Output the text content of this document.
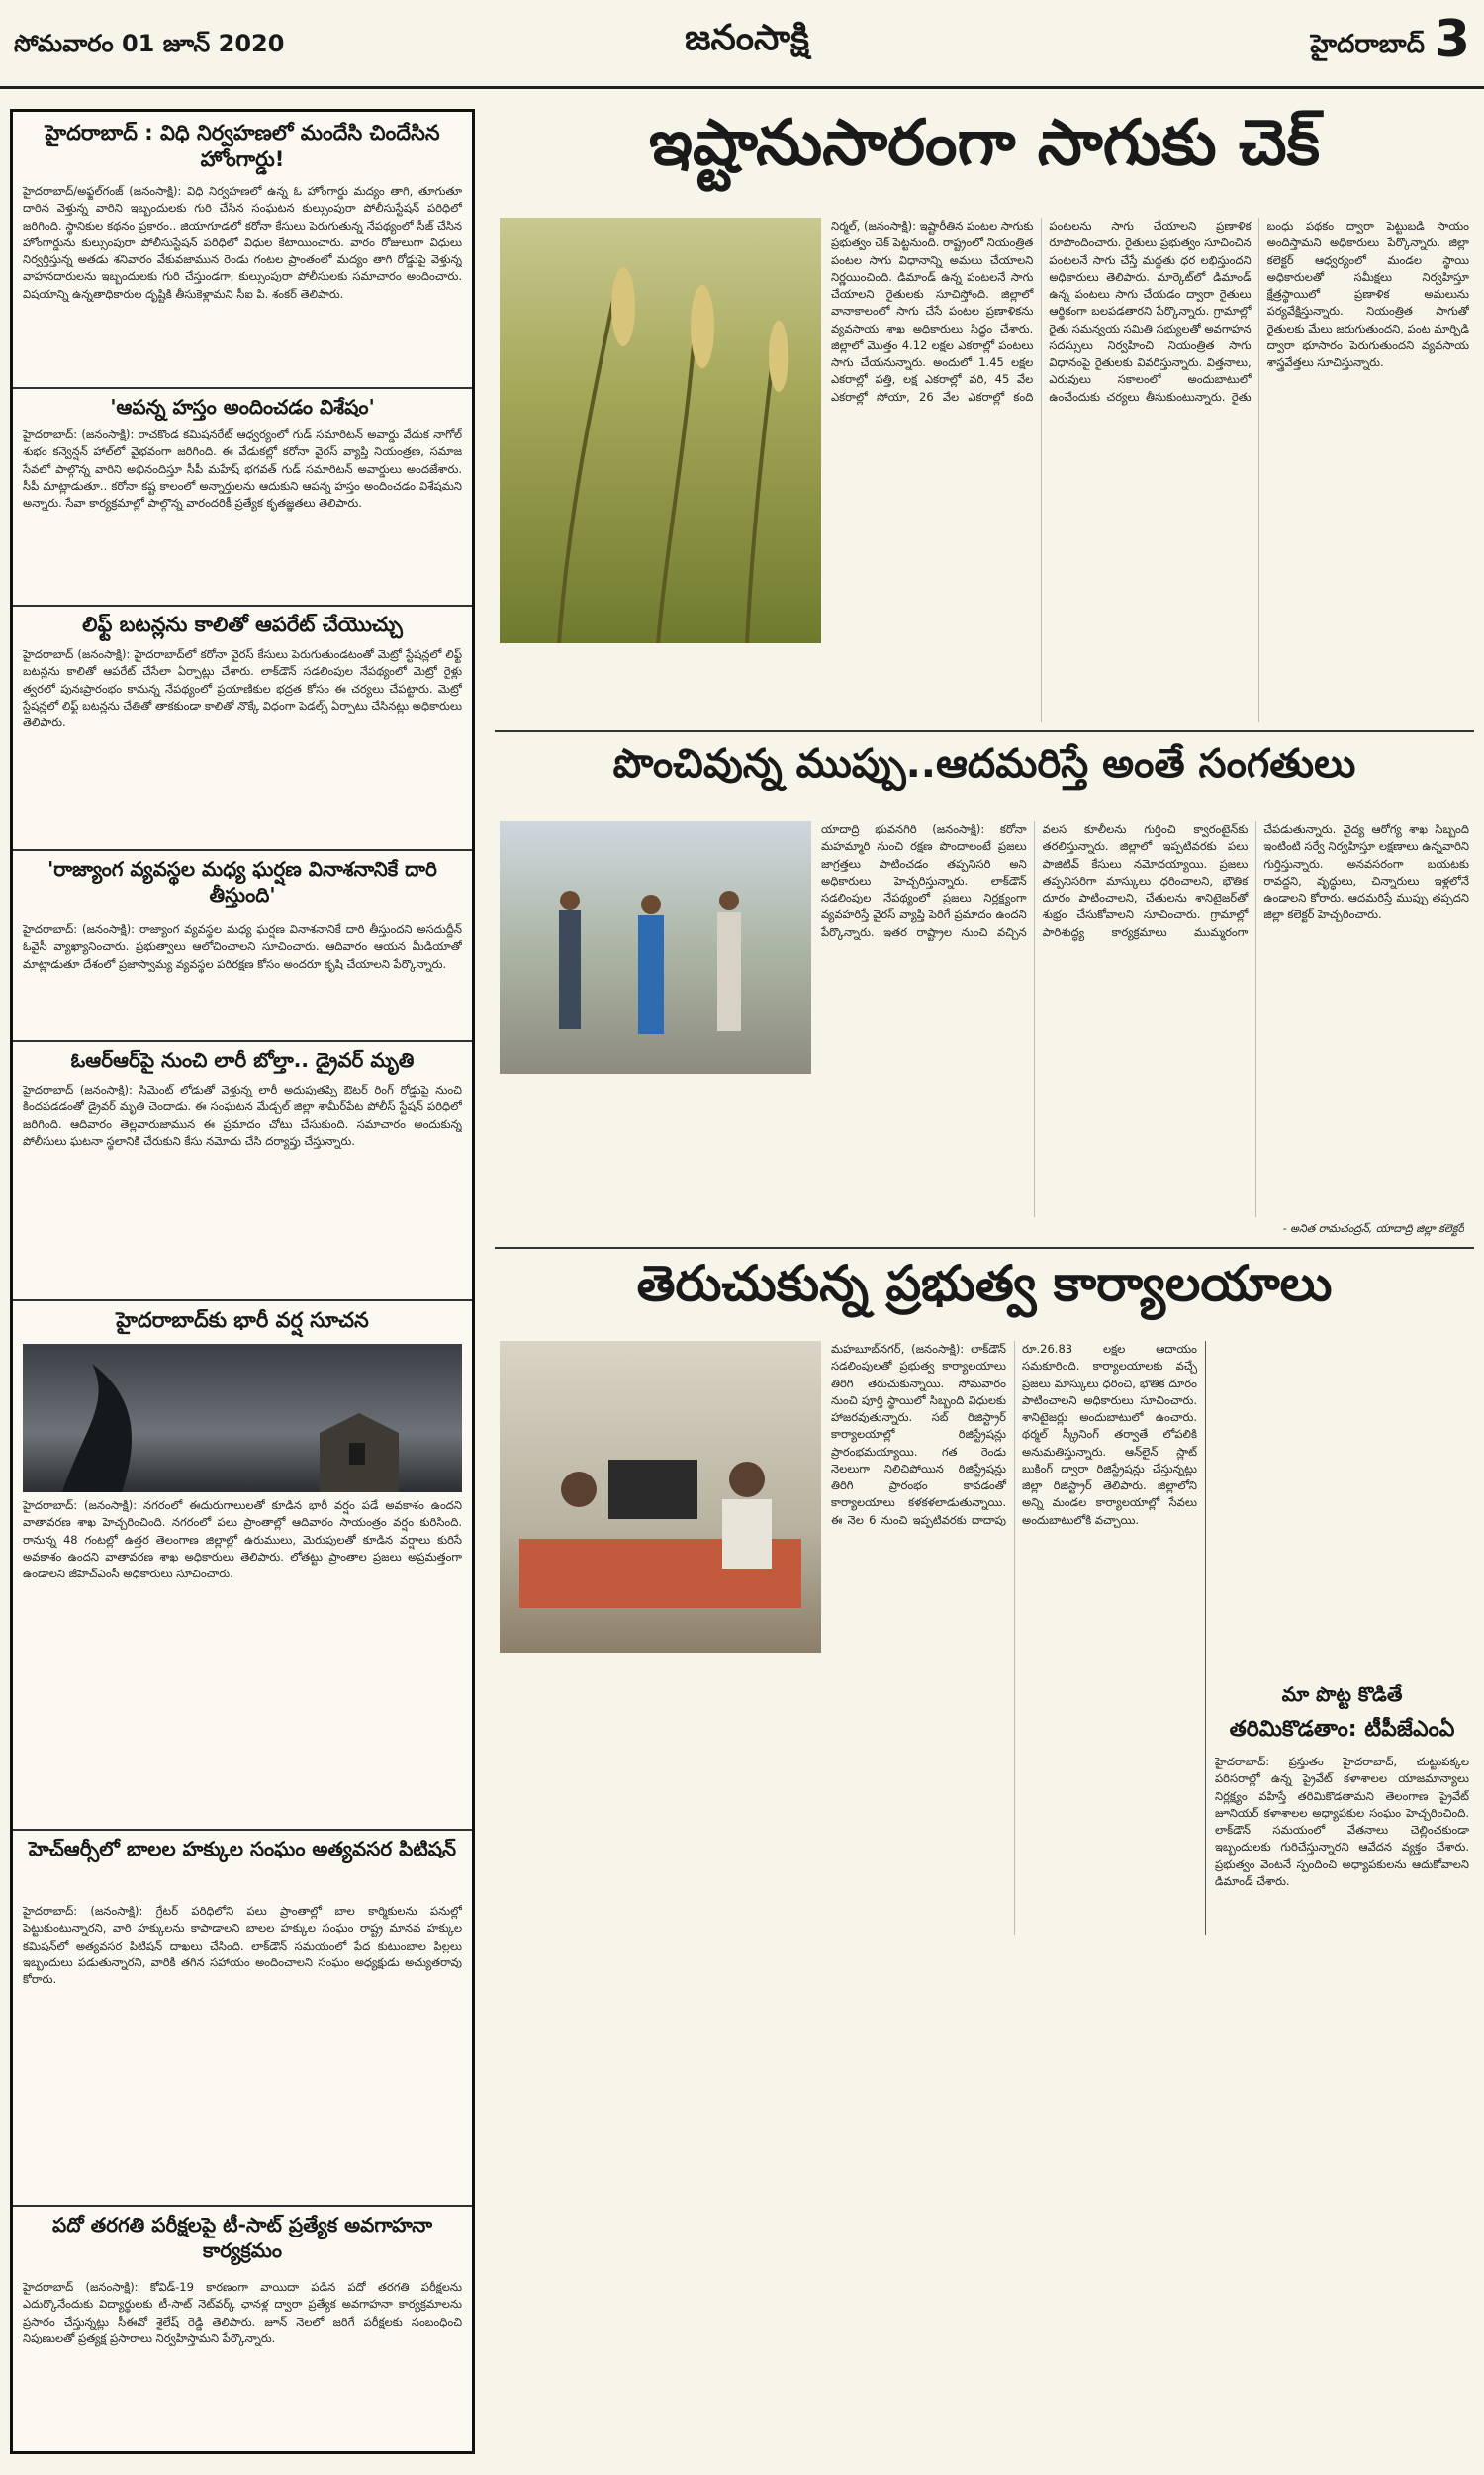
సోమవారం 01 జూన్ 2020	జనంసాక్షి	హైదరాబాద్ 3
హైదరాబాద్ : విధి నిర్వహణలో మందేసి చిందేసిన హోంగార్డు!
హైదరాబాద్/అఫ్జల్‌గంజ్ (జనంసాక్షి): విధి నిర్వహణలో ఉన్న ఓ హోంగార్డు మద్యం తాగి, తూగుతూ దారిన వెళ్తున్న వారిని ఇబ్బందులకు గురి చేసిన సంఘటన కుల్సుంపురా పోలీసుస్టేషన్ పరిధిలో జరిగింది. స్థానికుల కథనం ప్రకారం.. జియాగూడలో కరోనా కేసులు పెరుగుతున్న నేపథ్యంలో సీజ్ చేసిన హోంగార్డును కుల్సుంపురా పోలీసుస్టేషన్ పరిధిలో విధుల కేటాయించారు. వారం రోజులుగా విధులు నిర్వర్తిస్తున్న అతడు శనివారం వేకువజామున రెండు గంటల ప్రాంతంలో మద్యం తాగి రోడ్డుపై వెళ్తున్న వాహనదారులను ఇబ్బందులకు గురి చేస్తుండగా, కుల్సుంపురా పోలీసులకు సమాచారం అందించారు. విషయాన్ని ఉన్నతాధికారుల దృష్టికి తీసుకెళ్లామని సీఐ పి. శంకర్ తెలిపారు.
'ఆపన్న హస్తం అందించడం విశేషం'
హైదరాబాద్: (జనంసాక్షి): రాచకొండ కమిషనరేట్ ఆధ్వర్యంలో గుడ్ సమారిటన్ అవార్డు వేదుక నాగోల్ శుభం కన్వెన్షన్ హాల్‌లో వైభవంగా జరిగింది. ఈ వేడుకల్లో కరోనా వైరస్ వ్యాప్తి నియంత్రణ, సమాజ సేవలో పాల్గొన్న వారిని అభినందిస్తూ సీపీ మహేష్ భగవత్ గుడ్ సమారిటన్ అవార్డులు అందజేశారు. సీపీ మాట్లాడుతూ.. కరోనా కష్ట కాలంలో అన్నార్తులను ఆదుకుని ఆపన్న హస్తం అందించడం విశేషమని అన్నారు. సేవా కార్యక్రమాల్లో పాల్గొన్న వారందరికీ ప్రత్యేక కృతజ్ఞతలు తెలిపారు.
లిఫ్ట్ బటన్లను కాలితో ఆపరేట్ చేయొచ్చు
హైదరాబాద్ (జనంసాక్షి): హైదరాబాద్‌లో కరోనా వైరస్ కేసులు పెరుగుతుండటంతో మెట్రో స్టేషన్లలో లిఫ్ట్ బటన్లను కాలితో ఆపరేట్ చేసేలా ఏర్పాట్లు చేశారు. లాక్‌డౌన్ సడలింపుల నేపథ్యంలో మెట్రో రైళ్లు త్వరలో పునఃప్రారంభం కానున్న నేపథ్యంలో ప్రయాణికుల భద్రత కోసం ఈ చర్యలు చేపట్టారు. మెట్రో స్టేషన్లలో లిఫ్ట్ బటన్లను చేతితో తాకకుండా కాలితో నొక్కే విధంగా పెడల్స్ ఏర్పాటు చేసినట్లు అధికారులు తెలిపారు.
'రాజ్యాంగ వ్యవస్థల మధ్య ఘర్షణ వినాశనానికే దారి తీస్తుంది'
హైదరాబాద్: (జనంసాక్షి): రాజ్యాంగ వ్యవస్థల మధ్య ఘర్షణ వినాశనానికే దారి తీస్తుందని అసదుద్దీన్ ఓవైసీ వ్యాఖ్యానించారు. ప్రభుత్వాలు ఆలోచించాలని సూచించారు. ఆదివారం ఆయన మీడియాతో మాట్లాడుతూ దేశంలో ప్రజాస్వామ్య వ్యవస్థల పరిరక్షణ కోసం అందరూ కృషి చేయాలని పేర్కొన్నారు.
ఓఆర్ఆర్‌పై నుంచి లారీ బోల్తా.. డ్రైవర్ మృతి
హైదరాబాద్ (జనంసాక్షి): సిమెంట్ లోడుతో వెళ్తున్న లారీ అదుపుతప్పి ఔటర్ రింగ్ రోడ్డుపై నుంచి కిందపడడంతో డ్రైవర్ మృతి చెందాడు. ఈ సంఘటన మేడ్చల్ జిల్లా శామీర్‌పేట పోలీస్ స్టేషన్ పరిధిలో జరిగింది. ఆదివారం తెల్లవారుజామున ఈ ప్రమాదం చోటు చేసుకుంది. సమాచారం అందుకున్న పోలీసులు ఘటనా స్థలానికి చేరుకుని కేసు నమోదు చేసి దర్యాప్తు చేస్తున్నారు.
హైదరాబాద్‌కు భారీ వర్ష సూచన
హైదరాబాద్: (జనంసాక్షి): నగరంలో ఈదురుగాలులతో కూడిన భారీ వర్షం పడే అవకాశం ఉందని వాతావరణ శాఖ హెచ్చరించింది. నగరంలో పలు ప్రాంతాల్లో ఆదివారం సాయంత్రం వర్షం కురిసింది. రానున్న 48 గంటల్లో ఉత్తర తెలంగాణ జిల్లాల్లో ఉరుములు, మెరుపులతో కూడిన వర్షాలు కురిసే అవకాశం ఉందని వాతావరణ శాఖ అధికారులు తెలిపారు. లోతట్టు ప్రాంతాల ప్రజలు అప్రమత్తంగా ఉండాలని జీహెచ్ఎంసీ అధికారులు సూచించారు.
హెచ్ఆర్సీలో బాలల హక్కుల సంఘం అత్యవసర పిటిషన్
హైదరాబాద్: (జనంసాక్షి): గ్రేటర్ పరిధిలోని పలు ప్రాంతాల్లో బాల కార్మికులను పనుల్లో పెట్టుకుంటున్నారని, వారి హక్కులను కాపాడాలని బాలల హక్కుల సంఘం రాష్ట్ర మానవ హక్కుల కమిషన్‌లో అత్యవసర పిటిషన్ దాఖలు చేసింది. లాక్‌డౌన్ సమయంలో పేద కుటుంబాల పిల్లలు ఇబ్బందులు పడుతున్నారని, వారికి తగిన సహాయం అందించాలని సంఘం అధ్యక్షుడు అచ్యుతరావు కోరారు.
పదో తరగతి పరీక్షలపై టీ-సాట్ ప్రత్యేక అవగాహనా కార్యక్రమం
హైదరాబాద్ (జనంసాక్షి): కోవిడ్-19 కారణంగా వాయిదా పడిన పదో తరగతి పరీక్షలను ఎదుర్కొనేందుకు విద్యార్థులకు టీ-సాట్ నెట్‌వర్క్ ఛానళ్ల ద్వారా ప్రత్యేక అవగాహనా కార్యక్రమాలను ప్రసారం చేస్తున్నట్లు సీఈవో శైలేష్ రెడ్డి తెలిపారు. జూన్ నెలలో జరిగే పరీక్షలకు సంబంధించి నిపుణులతో ప్రత్యక్ష ప్రసారాలు నిర్వహిస్తామని పేర్కొన్నారు.
ఇష్టానుసారంగా సాగుకు చెక్
నిర్మల్, (జనంసాక్షి): ఇష్టారీతిన పంటల సాగుకు ప్రభుత్వం చెక్ పెట్టనుంది. రాష్ట్రంలో నియంత్రిత పంటల సాగు విధానాన్ని అమలు చేయాలని నిర్ణయించింది. డిమాండ్ ఉన్న పంటలనే సాగు చేయాలని రైతులకు సూచిస్తోంది. జిల్లాలో వానాకాలంలో సాగు చేసే పంటల ప్రణాళికను వ్యవసాయ శాఖ అధికారులు సిద్ధం చేశారు. జిల్లాలో మొత్తం 4.12 లక్షల ఎకరాల్లో పంటలు సాగు చేయనున్నారు. అందులో 1.45 లక్షల ఎకరాల్లో పత్తి, లక్ష ఎకరాల్లో వరి, 45 వేల ఎకరాల్లో సోయా, 26 వేల ఎకరాల్లో కంది పంటలను సాగు చేయాలని ప్రణాళిక రూపొందించారు. రైతులు ప్రభుత్వం సూచించిన పంటలనే సాగు చేస్తే మద్దతు ధర లభిస్తుందని అధికారులు తెలిపారు. మార్కెట్‌లో డిమాండ్ ఉన్న పంటలు సాగు చేయడం ద్వారా రైతులు ఆర్థికంగా బలపడతారని పేర్కొన్నారు. గ్రామాల్లో రైతు సమన్వయ సమితి సభ్యులతో అవగాహన సదస్సులు నిర్వహించి నియంత్రిత సాగు విధానంపై రైతులకు వివరిస్తున్నారు. విత్తనాలు, ఎరువులు సకాలంలో అందుబాటులో ఉంచేందుకు చర్యలు తీసుకుంటున్నారు. రైతు బంధు పథకం ద్వారా పెట్టుబడి సాయం అందిస్తామని అధికారులు పేర్కొన్నారు. జిల్లా కలెక్టర్ ఆధ్వర్యంలో మండల స్థాయి అధికారులతో సమీక్షలు నిర్వహిస్తూ క్షేత్రస్థాయిలో ప్రణాళిక అమలును పర్యవేక్షిస్తున్నారు. నియంత్రిత సాగుతో రైతులకు మేలు జరుగుతుందని, పంట మార్పిడి ద్వారా భూసారం పెరుగుతుందని వ్యవసాయ శాస్త్రవేత్తలు సూచిస్తున్నారు.
పొంచివున్న ముప్పు..ఆదమరిస్తే అంతే సంగతులు
యాదాద్రి భువనగిరి (జనంసాక్షి): కరోనా మహమ్మారి నుంచి రక్షణ పొందాలంటే ప్రజలు జాగ్రత్తలు పాటించడం తప్పనిసరి అని అధికారులు హెచ్చరిస్తున్నారు. లాక్‌డౌన్ సడలింపుల నేపథ్యంలో ప్రజలు నిర్లక్ష్యంగా వ్యవహరిస్తే వైరస్ వ్యాప్తి పెరిగే ప్రమాదం ఉందని పేర్కొన్నారు. ఇతర రాష్ట్రాల నుంచి వచ్చిన వలస కూలీలను గుర్తించి క్వారంటైన్‌కు తరలిస్తున్నారు. జిల్లాలో ఇప్పటివరకు పలు పాజిటివ్ కేసులు నమోదయ్యాయి. ప్రజలు తప్పనిసరిగా మాస్కులు ధరించాలని, భౌతిక దూరం పాటించాలని, చేతులను శానిటైజర్‌తో శుభ్రం చేసుకోవాలని సూచించారు. గ్రామాల్లో పారిశుద్ధ్య కార్యక్రమాలు ముమ్మరంగా చేపడుతున్నారు. వైద్య ఆరోగ్య శాఖ సిబ్బంది ఇంటింటి సర్వే నిర్వహిస్తూ లక్షణాలు ఉన్నవారిని గుర్తిస్తున్నారు. అనవసరంగా బయటకు రావద్దని, వృద్ధులు, చిన్నారులు ఇళ్లలోనే ఉండాలని కోరారు. ఆదమరిస్తే ముప్పు తప్పదని జిల్లా కలెక్టర్ హెచ్చరించారు.
- అనిత రామచంద్రన్, యాదాద్రి జిల్లా కలెక్టర్
తెరుచుకున్న ప్రభుత్వ కార్యాలయాలు
మహబూబ్‌నగర్, (జనంసాక్షి): లాక్‌డౌన్ సడలింపులతో ప్రభుత్వ కార్యాలయాలు తిరిగి తెరుచుకున్నాయి. సోమవారం నుంచి పూర్తి స్థాయిలో సిబ్బంది విధులకు హాజరవుతున్నారు. సబ్ రిజిస్ట్రార్ కార్యాలయాల్లో రిజిస్ట్రేషన్లు ప్రారంభమయ్యాయి. గత రెండు నెలలుగా నిలిచిపోయిన రిజిస్ట్రేషన్లు తిరిగి ప్రారంభం కావడంతో కార్యాలయాలు కళకళలాడుతున్నాయి. ఈ నెల 6 నుంచి ఇప్పటివరకు దాదాపు రూ.26.83 లక్షల ఆదాయం సమకూరింది. కార్యాలయాలకు వచ్చే ప్రజలు మాస్కులు ధరించి, భౌతిక దూరం పాటించాలని అధికారులు సూచించారు. శానిటైజర్లు అందుబాటులో ఉంచారు. థర్మల్ స్క్రీనింగ్ తర్వాతే లోపలికి అనుమతిస్తున్నారు. ఆన్‌లైన్ స్లాట్ బుకింగ్ ద్వారా రిజిస్ట్రేషన్లు చేస్తున్నట్లు జిల్లా రిజిస్ట్రార్ తెలిపారు. జిల్లాలోని అన్ని మండల కార్యాలయాల్లో సేవలు అందుబాటులోకి వచ్చాయి.
మా పొట్ట కొడితే
తరిమికొడతాం: టీపీజేఎంఏ
హైదరాబాద్: ప్రస్తుతం హైదరాబాద్, చుట్టుపక్కల పరిసరాల్లో ఉన్న ప్రైవేట్ కళాశాలల యాజమాన్యాలు నిర్లక్ష్యం వహిస్తే తరిమికొడతామని తెలంగాణ ప్రైవేట్ జూనియర్ కళాశాలల అధ్యాపకుల సంఘం హెచ్చరించింది. లాక్‌డౌన్ సమయంలో వేతనాలు చెల్లించకుండా ఇబ్బందులకు గురిచేస్తున్నారని ఆవేదన వ్యక్తం చేశారు. ప్రభుత్వం వెంటనే స్పందించి అధ్యాపకులను ఆదుకోవాలని డిమాండ్ చేశారు.
